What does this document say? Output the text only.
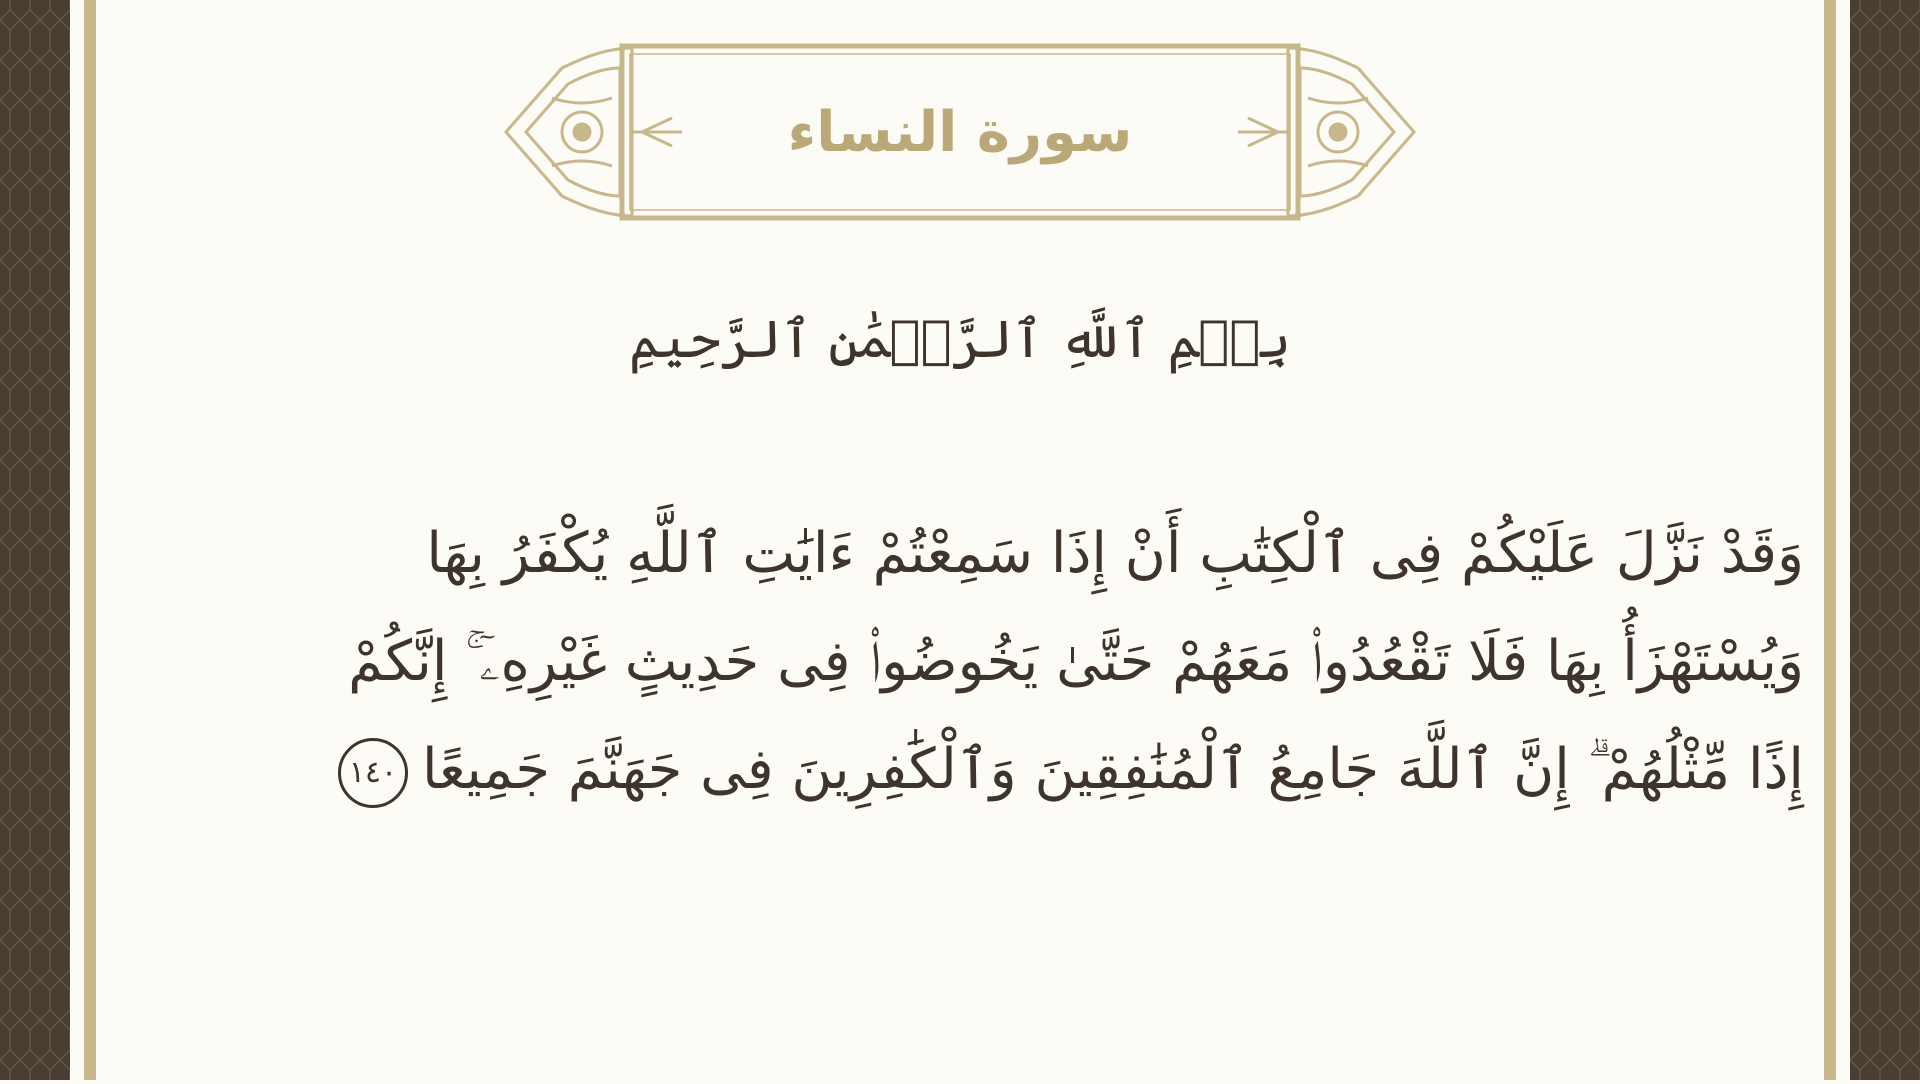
سورة النساء
بِسۡمِ ٱللَّهِ ٱلرَّحۡمَٰنِ ٱلرَّحِيمِ
وَقَدْ نَزَّلَ عَلَيْكُمْ فِى ٱلْكِتَٰبِ أَنْ إِذَا سَمِعْتُمْ ءَايَٰتِ ٱللَّهِ يُكْفَرُ بِهَا
وَيُسْتَهْزَأُ بِهَا فَلَا تَقْعُدُوا۟ مَعَهُمْ حَتَّىٰ يَخُوضُوا۟ فِى حَدِيثٍ غَيْرِهِۦٓ ۚ إِنَّكُمْ
إِذًا مِّثْلُهُمْ ۗ إِنَّ ٱللَّهَ جَامِعُ ٱلْمُنَٰفِقِينَ وَٱلْكَٰفِرِينَ فِى جَهَنَّمَ جَمِيعًا١٤٠
